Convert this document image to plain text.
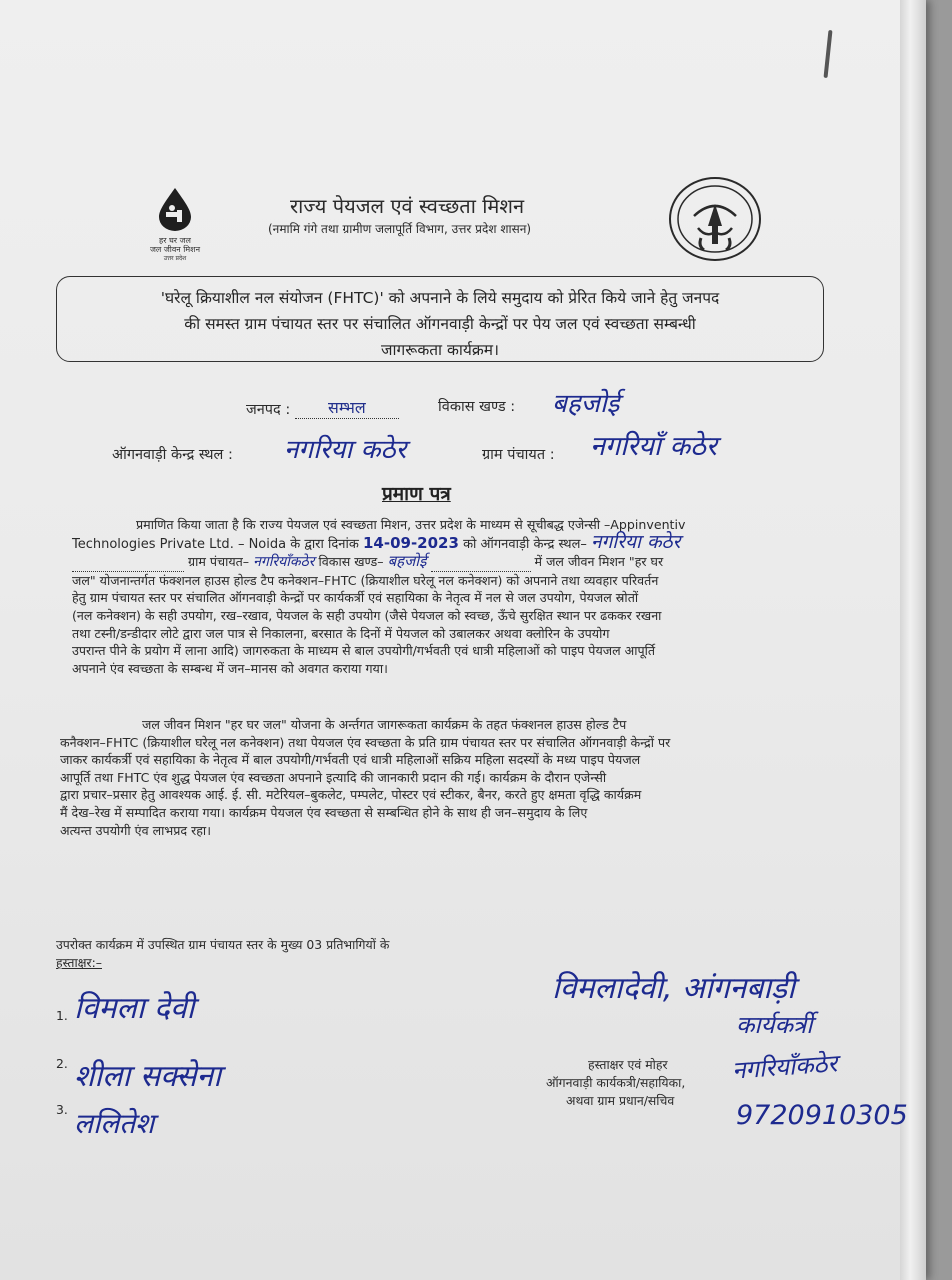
हर घर जल
जल जीवन मिशन
उत्तर प्रदेश
राज्य पेयजल एवं स्वच्छता मिशन
(नमामि गंगे तथा ग्रामीण जलापूर्ति विभाग, उत्तर प्रदेश शासन)
'घरेलू क्रियाशील नल संयोजन (FHTC)' को अपनाने के लिये समुदाय को प्रेरित किये जाने हेतु जनपद
की समस्त ग्राम पंचायत स्तर पर संचालित ऑगनवाड़ी केन्द्रों पर पेय जल एवं स्वच्छता सम्बन्धी
जागरूकता कार्यक्रम।
जनपद : सम्भल	विकास खण्ड : बहजोई
ऑगनवाड़ी केन्द्र स्थल : नगरिया कठेर	ग्राम पंचायत : नगरियाँ कठेर
प्रमाण पत्र
प्रमाणित किया जाता है कि राज्य पेयजल एवं स्वच्छता मिशन, उत्तर प्रदेश के माध्यम से सूचीबद्ध एजेन्सी –Appinventiv
Technologies Private Ltd. – Noida के द्वारा दिनांक 14-09-2023 को ऑगनवाड़ी केन्द्र स्थल– नगरिया कठेर
ग्राम पंचायत– नगरियाँकठेर विकास खण्ड– बहजोई	में जल जीवन मिशन "हर घर
जल" योजनान्तर्गत फंक्शनल हाउस होल्ड टैप कनेक्शन–FHTC (क्रियाशील घरेलू नल कनेक्शन) को अपनाने तथा व्यवहार परिवर्तन
हेतु ग्राम पंचायत स्तर पर संचालित ऑगनवाड़ी केन्द्रों पर कार्यकर्त्री एवं सहायिका के नेतृत्व में नल से जल उपयोग, पेयजल स्रोतों
(नल कनेक्शन) के सही उपयोग, रख–रखाव, पेयजल के सही उपयोग (जैसे पेयजल को स्वच्छ, ऊँचे सुरक्षित स्थान पर ढककर रखना
तथा टस्नी/डन्डीदार लोटे द्वारा जल पात्र से निकालना, बरसात के दिनों में पेयजल को उबालकर अथवा क्लोरिन के उपयोग
उपरान्त पीने के प्रयोग में लाना आदि) जागरुकता के माध्यम से बाल उपयोगी/गर्भवती एवं धात्री महिलाओं को पाइप पेयजल आपूर्ति
अपनाने एंव स्वच्छता के सम्बन्ध में जन–मानस को अवगत कराया गया।
जल जीवन मिशन "हर घर जल" योजना के अर्न्तगत जागरूकता कार्यक्रम के तहत फंक्शनल हाउस होल्ड टैप
कनैक्शन–FHTC (क्रियाशील घरेलू नल कनेक्शन) तथा पेयजल एंव स्वच्छता के प्रति ग्राम पंचायत स्तर पर संचालित ऑगनवाड़ी केन्द्रों पर
जाकर कार्यकर्त्री एवं सहायिका के नेतृत्व में बाल उपयोगी/गर्भवती एवं धात्री महिलाओं सक्रिय महिला सदस्यों के मध्य पाइप पेयजल
आपूर्ति तथा FHTC एंव शुद्ध पेयजल एंव स्वच्छता अपनाने इत्यादि की जानकारी प्रदान की गई। कार्यक्रम के दौरान एजेन्सी
द्वारा प्रचार–प्रसार हेतु आवश्यक आई. ई. सी. मटेरियल–बुकलेट, पम्पलेट, पोस्टर एवं स्टीकर, बैनर, करते हुए क्षमता वृद्धि कार्यक्रम
मैं देख–रेख में सम्पादित कराया गया। कार्यक्रम पेयजल एंव स्वच्छता से सम्बन्धित होने के साथ ही जन–समुदाय के लिए
अत्यन्त उपयोगी एंव लाभप्रद रहा।
उपरोक्त कार्यक्रम में उपस्थित ग्राम पंचायत स्तर के मुख्य 03 प्रतिभागियों के
हस्ताक्षर:–
1. विमला देवी
2. शीला सक्सेना
3. ललितेश
विमलादेवी, आंगनबाड़ी
कार्यकर्त्री
नगरियाँकठेर
9720910305
हस्ताक्षर एवं मोहर
ऑगनवाड़ी कार्यकत्री/सहायिका,
अथवा ग्राम प्रधान/सचिव
